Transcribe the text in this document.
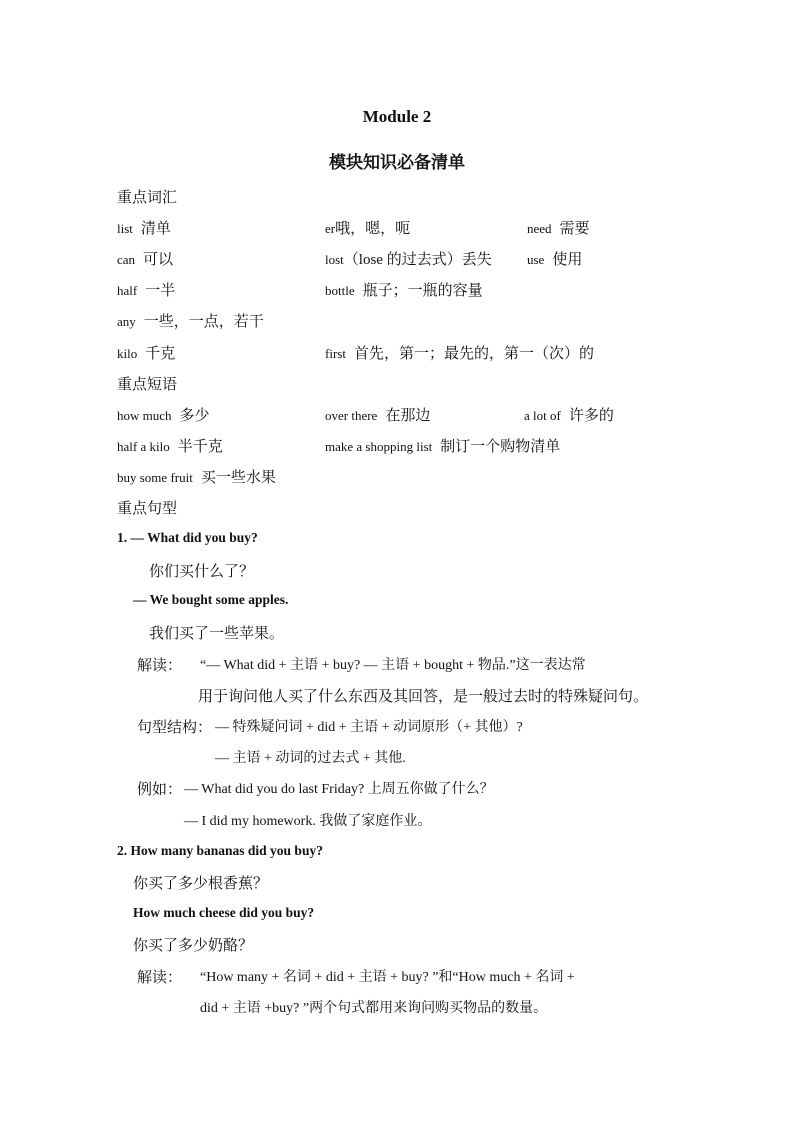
Module 2
模块知识必备清单
重点词汇
list 清单	er哦，嗯，呃	need 需要
can 可以	lost（lose 的过去式）丢失	use 使用
half 一半	bottle 瓶子；一瓶的容量
any 一些，一点，若干
kilo 千克	first 首先，第一；最先的，第一（次）的
重点短语
how much 多少	over there 在那边	a lot of 许多的
half a kilo 半千克	make a shopping list 制订一个购物清单
buy some fruit 买一些水果
重点句型
1. — What did you buy?
你们买什么了？
— We bought some apples.
我们买了一些苹果。
解读： “— What did + 主语 + buy? — 主语 + bought + 物品.”这一表达常
用于询问他人买了什么东西及其回答，是一般过去时的特殊疑问句。
句型结构： — 特殊疑问词 + did + 主语 + 动词原形（+ 其他）?
— 主语 + 动词的过去式 + 其他.
例如： — What did you do last Friday? 上周五你做了什么？
— I did my homework. 我做了家庭作业。
2. How many bananas did you buy?
你买了多少根香蕉？
How much cheese did you buy?
你买了多少奶酪？
解读： “How many + 名词 + did + 主语 + buy? ”和“How much + 名词 +
did + 主语 +buy? ”两个句式都用来询问购买物品的数量。
